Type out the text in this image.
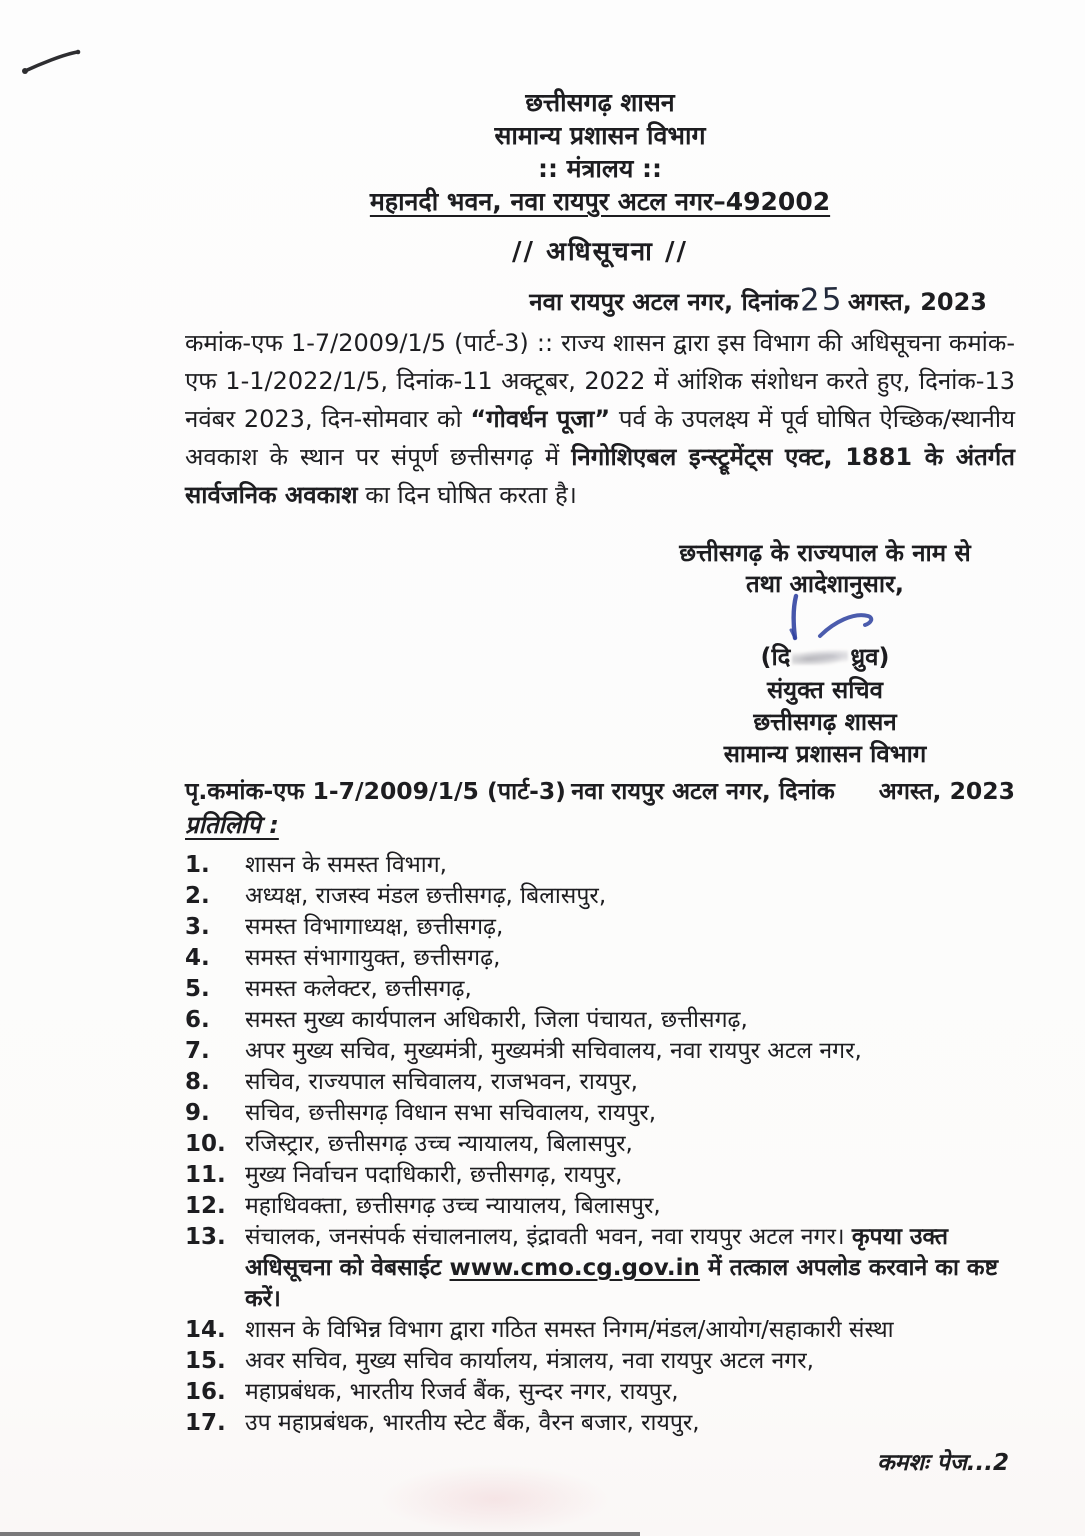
छत्तीसगढ़ शासन
सामान्य प्रशासन विभाग
:: मंत्रालय ::
महानदी भवन, नवा रायपुर अटल नगर–492002
// अधिसूचना //
नवा रायपुर अटल नगर, दिनांक25 अगस्त, 2023

कमांक-एफ 1-7/2009/1/5 (पार्ट-3) :: राज्य शासन द्वारा इस विभाग की अधिसूचना कमांक-एफ 1-1/2022/1/5, दिनांक-11 अक्टूबर, 2022 में आंशिक संशोधन करते हुए, दिनांक-13 नवंबर 2023, दिन-सोमवार को “गोवर्धन पूजा” पर्व के उपलक्ष्य में पूर्व घोषित ऐच्छिक/स्थानीय अवकाश के स्थान पर संपूर्ण छत्तीसगढ़ में निगोशिएबल इन्स्ट्रूमेंट्स एक्ट, 1881 के अंतर्गत सार्वजनिक अवकाश का दिन घोषित करता है।

छत्तीसगढ़ के राज्यपाल के नाम से
तथा आदेशानुसार,
(दि	ध्रुव)
संयुक्त सचिव
छत्तीसगढ़ शासन
सामान्य प्रशासन विभाग
पृ.कमांक-एफ 1-7/2009/1/5 (पार्ट-3) नवा रायपुर अटल नगर, दिनांक अगस्त, 2023
प्रतिलिपि :
1.	शासन के समस्त विभाग,
2.	अध्यक्ष, राजस्व मंडल छत्तीसगढ़, बिलासपुर,
3.	समस्त विभागाध्यक्ष, छत्तीसगढ़,
4.	समस्त संभागायुक्त, छत्तीसगढ़,
5.	समस्त कलेक्टर, छत्तीसगढ़,
6.	समस्त मुख्य कार्यपालन अधिकारी, जिला पंचायत, छत्तीसगढ़,
7.	अपर मुख्य सचिव, मुख्यमंत्री, मुख्यमंत्री सचिवालय, नवा रायपुर अटल नगर,
8.	सचिव, राज्यपाल सचिवालय, राजभवन, रायपुर,
9.	सचिव, छत्तीसगढ़ विधान सभा सचिवालय, रायपुर,
10. रजिस्ट्रार, छत्तीसगढ़ उच्च न्यायालय, बिलासपुर,
11. मुख्य निर्वाचन पदाधिकारी, छत्तीसगढ़, रायपुर,
12. महाधिवक्ता, छत्तीसगढ़ उच्च न्यायालय, बिलासपुर,
13. संचालक, जनसंपर्क संचालनालय, इंद्रावती भवन, नवा रायपुर अटल नगर। कृपया उक्त अधिसूचना को वेबसाईट www.cmo.cg.gov.in में तत्काल अपलोड करवाने का कष्ट करें।
14. शासन के विभिन्न विभाग द्वारा गठित समस्त निगम/मंडल/आयोग/सहाकारी संस्था
15. अवर सचिव, मुख्य सचिव कार्यालय, मंत्रालय, नवा रायपुर अटल नगर,
16. महाप्रबंधक, भारतीय रिजर्व बैंक, सुन्दर नगर, रायपुर,
17. उप महाप्रबंधक, भारतीय स्टेट बैंक, वैरन बजार, रायपुर,
कमशः पेज...2
